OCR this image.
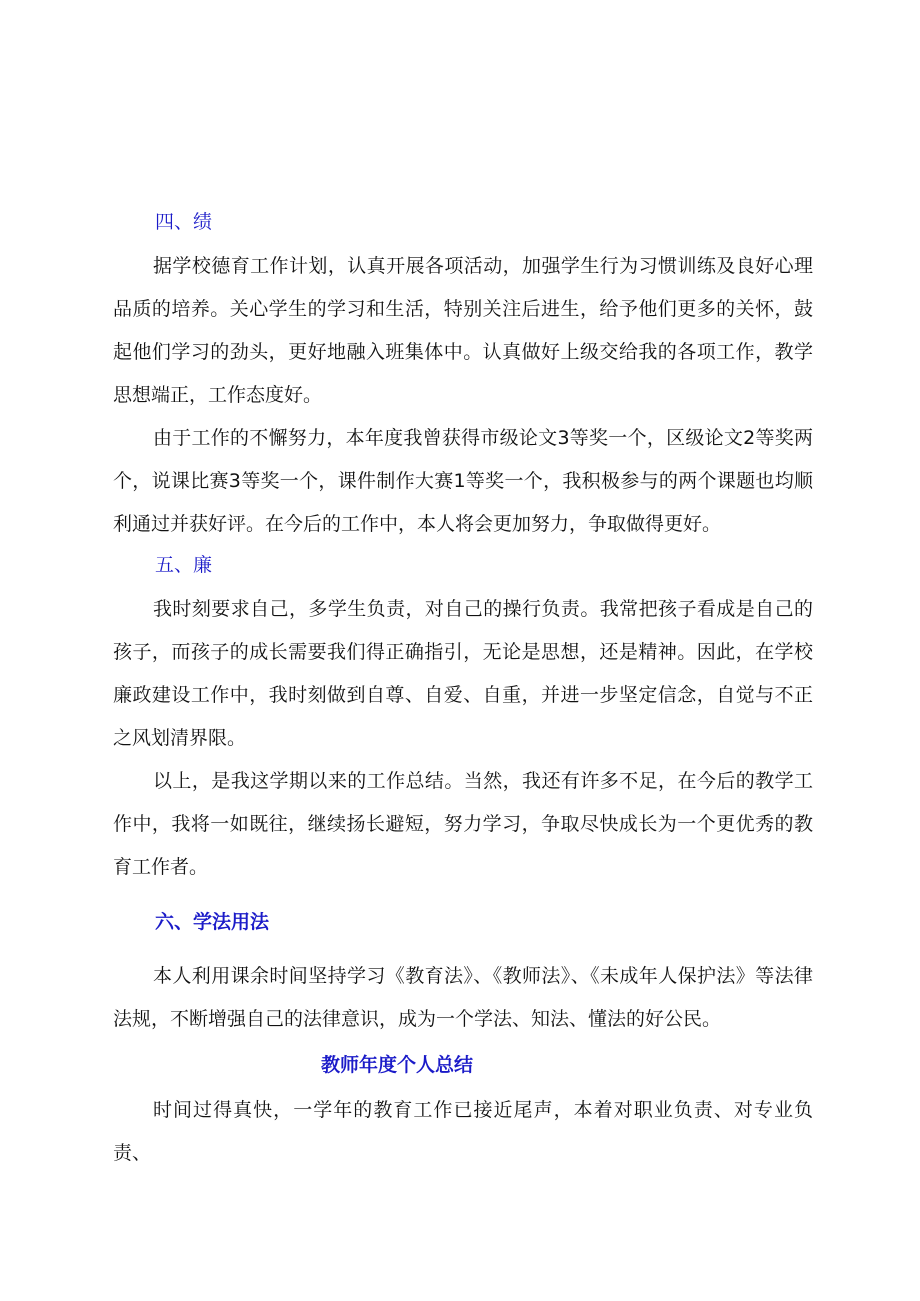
四、绩

据学校德育工作计划，认真开展各项活动，加强学生行为习惯训练及良好心理品质的培养。关心学生的学习和生活，特别关注后进生，给予他们更多的关怀，鼓起他们学习的劲头，更好地融入班集体中。认真做好上级交给我的各项工作，教学思想端正，工作态度好。

由于工作的不懈努力，本年度我曾获得市级论文3等奖一个，区级论文2等奖两个，说课比赛3等奖一个，课件制作大赛1等奖一个，我积极参与的两个课题也均顺利通过并获好评。在今后的工作中，本人将会更加努力，争取做得更好。

五、廉

我时刻要求自己，多学生负责，对自己的操行负责。我常把孩子看成是自己的孩子，而孩子的成长需要我们得正确指引，无论是思想，还是精神。因此，在学校廉政建设工作中，我时刻做到自尊、自爱、自重，并进一步坚定信念，自觉与不正之风划清界限。

以上，是我这学期以来的工作总结。当然，我还有许多不足，在今后的教学工作中，我将一如既往，继续扬长避短，努力学习，争取尽快成长为一个更优秀的教育工作者。

六、学法用法

本人利用课余时间坚持学习《教育法》、《教师法》、《未成年人保护法》等法律法规，不断增强自己的法律意识，成为一个学法、知法、懂法的好公民。

教师年度个人总结

时间过得真快，一学年的教育工作已接近尾声，本着对职业负责、对专业负责、
